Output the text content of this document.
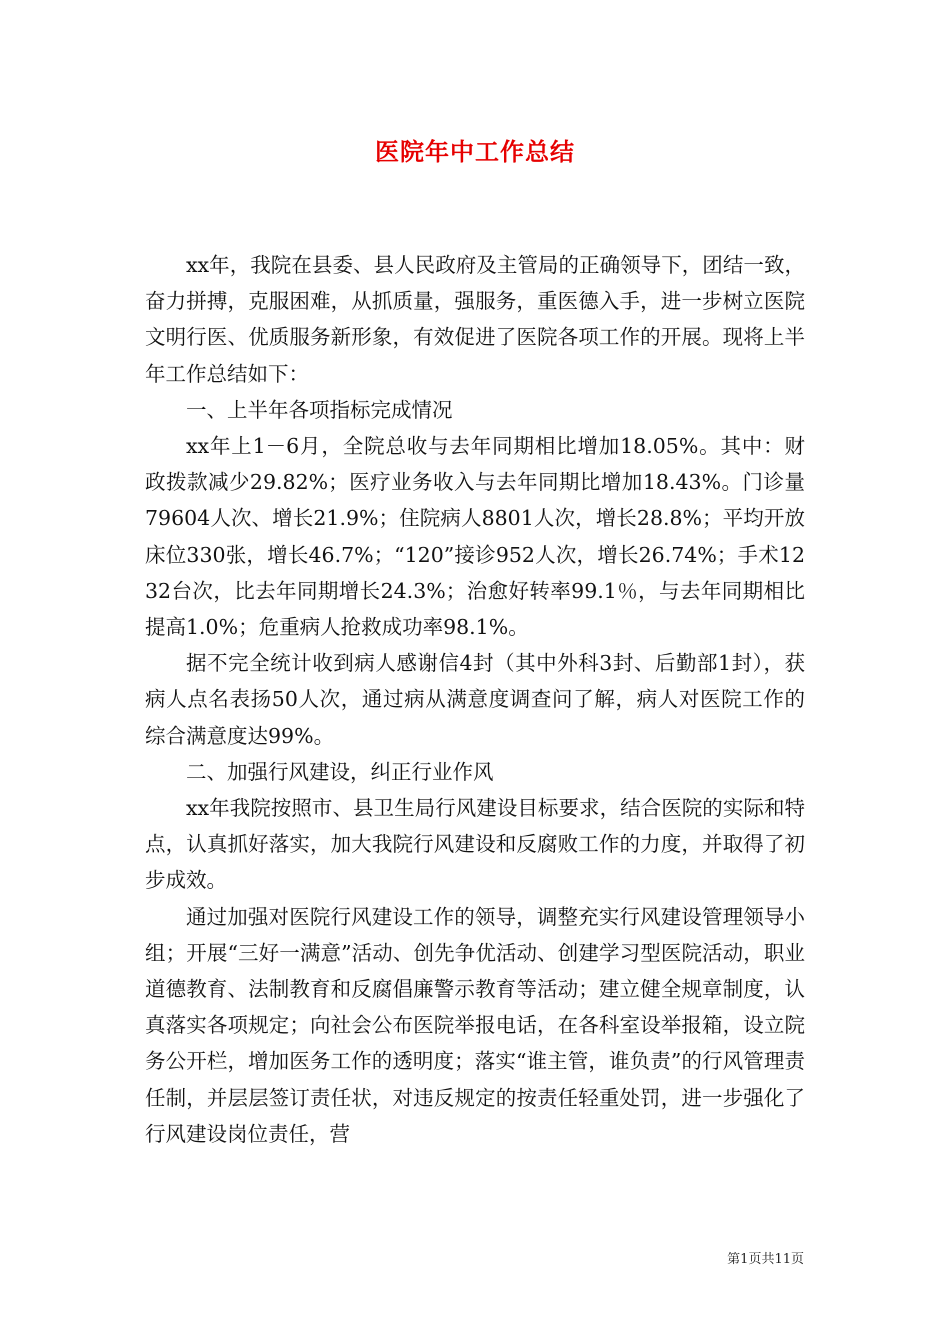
医院年中工作总结

xx年，我院在县委、县人民政府及主管局的正确领导下，团结一致，奋力拼搏，克服困难，从抓质量，强服务，重医德入手，进一步树立医院文明行医、优质服务新形象，有效促进了医院各项工作的开展。现将上半年工作总结如下：

一、上半年各项指标完成情况

xx年上1－6月，全院总收与去年同期相比增加18.05%。其中：财政拨款减少29.82%；医疗业务收入与去年同期比增加18.43%。门诊量79604人次、增长21.9%；住院病人8801人次，增长28.8%；平均开放床位330张，增长46.7%；“120”接诊952人次，增长26.74%；手术1232台次，比去年同期增长24.3%；治愈好转率99.1％，与去年同期相比提高1.0%；危重病人抢救成功率98.1%。

据不完全统计收到病人感谢信4封（其中外科3封、后勤部1封），获病人点名表扬50人次，通过病从满意度调查问了解，病人对医院工作的综合满意度达99%。

二、加强行风建设，纠正行业作风

xx年我院按照市、县卫生局行风建设目标要求，结合医院的实际和特点，认真抓好落实，加大我院行风建设和反腐败工作的力度，并取得了初步成效。

通过加强对医院行风建设工作的领导，调整充实行风建设管理领导小组；开展“三好一满意”活动、创先争优活动、创建学习型医院活动，职业道德教育、法制教育和反腐倡廉警示教育等活动；建立健全规章制度，认真落实各项规定；向社会公布医院举报电话，在各科室设举报箱，设立院务公开栏，增加医务工作的透明度；落实“谁主管，谁负责”的行风管理责任制，并层层签订责任状，对违反规定的按责任轻重处罚，进一步强化了行风建设岗位责任，营

第1页共11页
